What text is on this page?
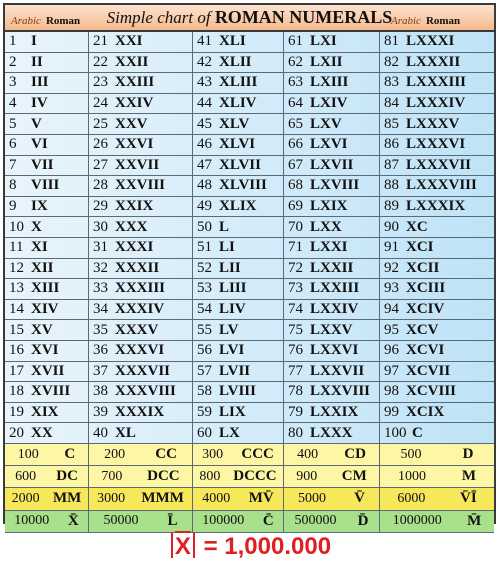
Arabic Roman	Simple chart of ROMAN NUMERALS
Arabic Roman
1 I	21 XXI	41 XLI	61 LXI	81 LXXXI
2 II	22 XXII	42 XLII 62 LXII	82 LXXXII
3 III	23 XXIII	43 XLIII 63 LXIII 83 LXXXIII
4 IV	24 XXIV	44 XLIV 64 LXIV 84 LXXXIV
5 V	25 XXV	45 XLV	65 LXV	85 LXXXV
6 VI	26 XXVI	46 XLVI 66 LXVI 86 LXXXVI
7 VII	27 XXVII	47 XLVII 67 LXVII 87 LXXXVII
8 VIII 28 XXVIII 48 XLVIII 68 LXVIII 88 LXXXVIII
9 IX	29 XXIX	49 XLIX 69 LXIX 89 LXXXIX
10 X	30 XXX	50 L	70 LXX	90 XC
11 XI	31 XXXI	51 LI	71 LXXI 91 XCI
12 XII	32 XXXII	52 LII	72 LXXII 92 XCII
13 XIII 33 XXXIII 53 LIII	73 LXXIII 93 XCIII
14 XIV 34 XXXIV 54 LIV	74 LXXIV 94 XCIV
15 XV	35 XXXV	55 LV	75 LXXV 95 XCV
16 XVI 36 XXXVI 56 LVI	76 LXXVI 96 XCVI
17 XVII 37 XXXVII 57 LVII	77 LXXVII 97 XCVII
18 XVIII 38 XXXVIII 58 LVIII 78 LXXVIII 98 XCVIII
19 XIX 39 XXXIX 59 LIX	79 LXXIX 99 XCIX
20 XX	40 XL	60 LX	80 LXXX 100 C
100 C 200 CC 300 CCC 400 CD 500	D
600 DC 700 DCC 800 DCCC 900 CM 1000 M
2000 MM 3000 MMM 4000 MV̄ 5000 V̄ 6000 V̄Ī
10000 X̄ 50000 L̄ 100000 C̄ 500000 D̄ 1000000 M̄
$\overline{X} = 1,000.000$
